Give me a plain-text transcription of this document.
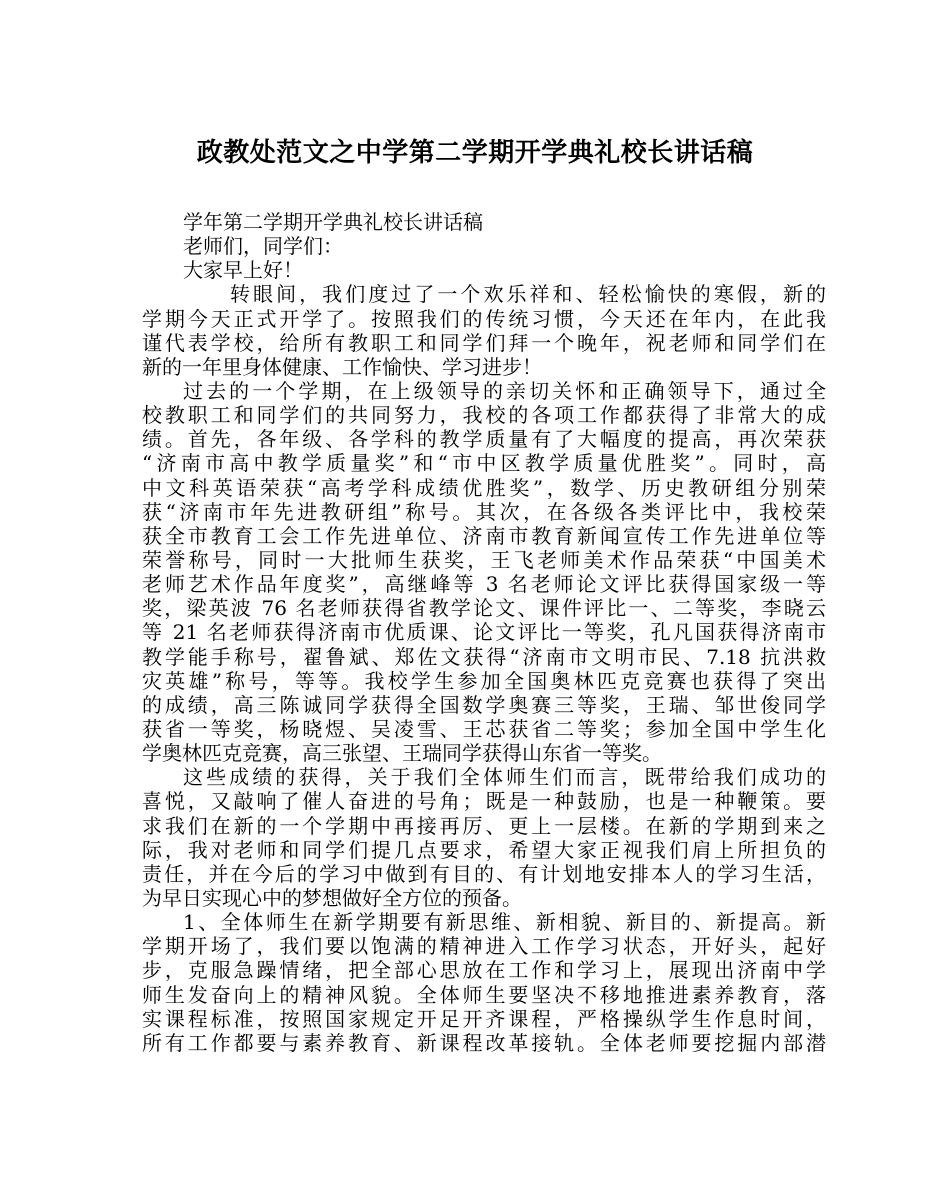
政教处范文之中学第二学期开学典礼校长讲话稿
学年第二学期开学典礼校长讲话稿
老师们，同学们：
大家早上好！
转眼间，我们度过了一个欢乐祥和、轻松愉快的寒假，新的
学期今天正式开学了。按照我们的传统习惯，今天还在年内，在此我
谨代表学校，给所有教职工和同学们拜一个晚年，祝老师和同学们在
新的一年里身体健康、工作愉快、学习进步！
过去的一个学期，在上级领导的亲切关怀和正确领导下，通过全
校教职工和同学们的共同努力，我校的各项工作都获得了非常大的成
绩。首先，各年级、各学科的教学质量有了大幅度的提高，再次荣获
“济南市高中教学质量奖”和“市中区教学质量优胜奖”。同时，高
中文科英语荣获“高考学科成绩优胜奖”，数学、历史教研组分别荣
获“济南市年先进教研组”称号。其次，在各级各类评比中，我校荣
获全市教育工会工作先进单位、济南市教育新闻宣传工作先进单位等
荣誉称号，同时一大批师生获奖，王飞老师美术作品荣获“中国美术
老师艺术作品年度奖”，高继峰等 3 名老师论文评比获得国家级一等
奖，梁英波 76 名老师获得省教学论文、课件评比一、二等奖，李晓云
等 21 名老师获得济南市优质课、论文评比一等奖，孔凡国获得济南市
教学能手称号，翟鲁斌、郑佐文获得“济南市文明市民、7.18 抗洪救
灾英雄”称号，等等。我校学生参加全国奥林匹克竞赛也获得了突出
的成绩，高三陈诚同学获得全国数学奥赛三等奖，王瑞、邹世俊同学
获省一等奖，杨晓煜、吴凌雪、王芯获省二等奖；参加全国中学生化
学奥林匹克竞赛，高三张望、王瑞同学获得山东省一等奖。
这些成绩的获得，关于我们全体师生们而言，既带给我们成功的
喜悦，又敲响了催人奋进的号角；既是一种鼓励，也是一种鞭策。要
求我们在新的一个学期中再接再厉、更上一层楼。在新的学期到来之
际，我对老师和同学们提几点要求，希望大家正视我们肩上所担负的
责任，并在今后的学习中做到有目的、有计划地安排本人的学习生活，
为早日实现心中的梦想做好全方位的预备。
1、全体师生在新学期要有新思维、新相貌、新目的、新提高。新
学期开场了，我们要以饱满的精神进入工作学习状态，开好头，起好
步，克服急躁情绪，把全部心思放在工作和学习上，展现出济南中学
师生发奋向上的精神风貌。全体师生要坚决不移地推进素养教育，落
实课程标准，按照国家规定开足开齐课程，严格操纵学生作息时间，
所有工作都要与素养教育、新课程改革接轨。全体老师要挖掘内部潜
